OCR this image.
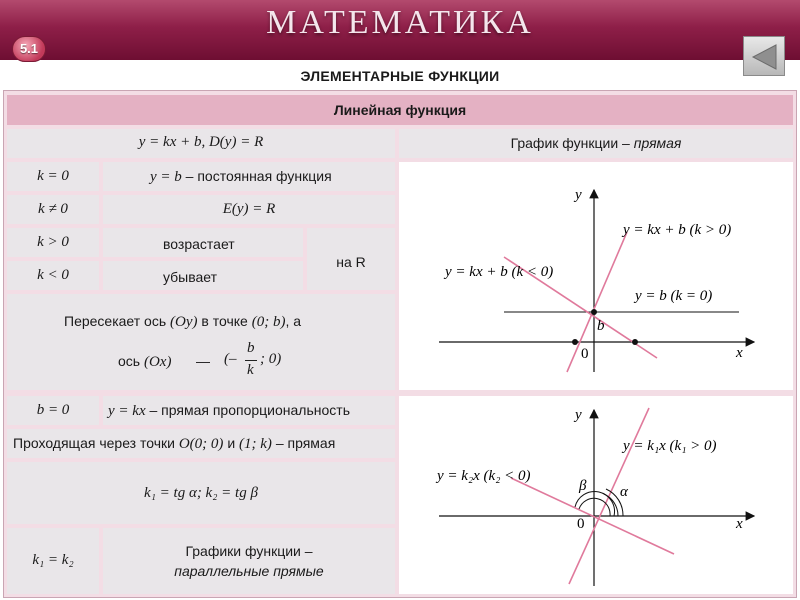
МАТЕМАТИКА
5.1
ЭЛЕМЕНТАРНЫЕ ФУНКЦИИ
Линейная функция
y = kx + b, D(y) = R	График функции – прямая
k = 0	y = b – постоянная функция
k ≠ 0	E(y) = R
k > 0	возрастает
k < 0	убывает
на R
Пересекает ось (Oy) в точке (0; b), а
ось (Ox) — (–
b
k
; 0)
b = 0	y = kx – прямая пропорциональность
Проходящая через точки O(0; 0) и (1; k) – прямая
k₁ = tg α; k₂ = tg β
k₁ = k₂
Графики функции –
параллельные прямые
y
x
0
b
y = kx + b (k > 0)
y = kx + b (k < 0)
y = b (k = 0)
y
x
0
α
β
y = k₁x (k₁ > 0)
y = k₂x (k₂ < 0)
